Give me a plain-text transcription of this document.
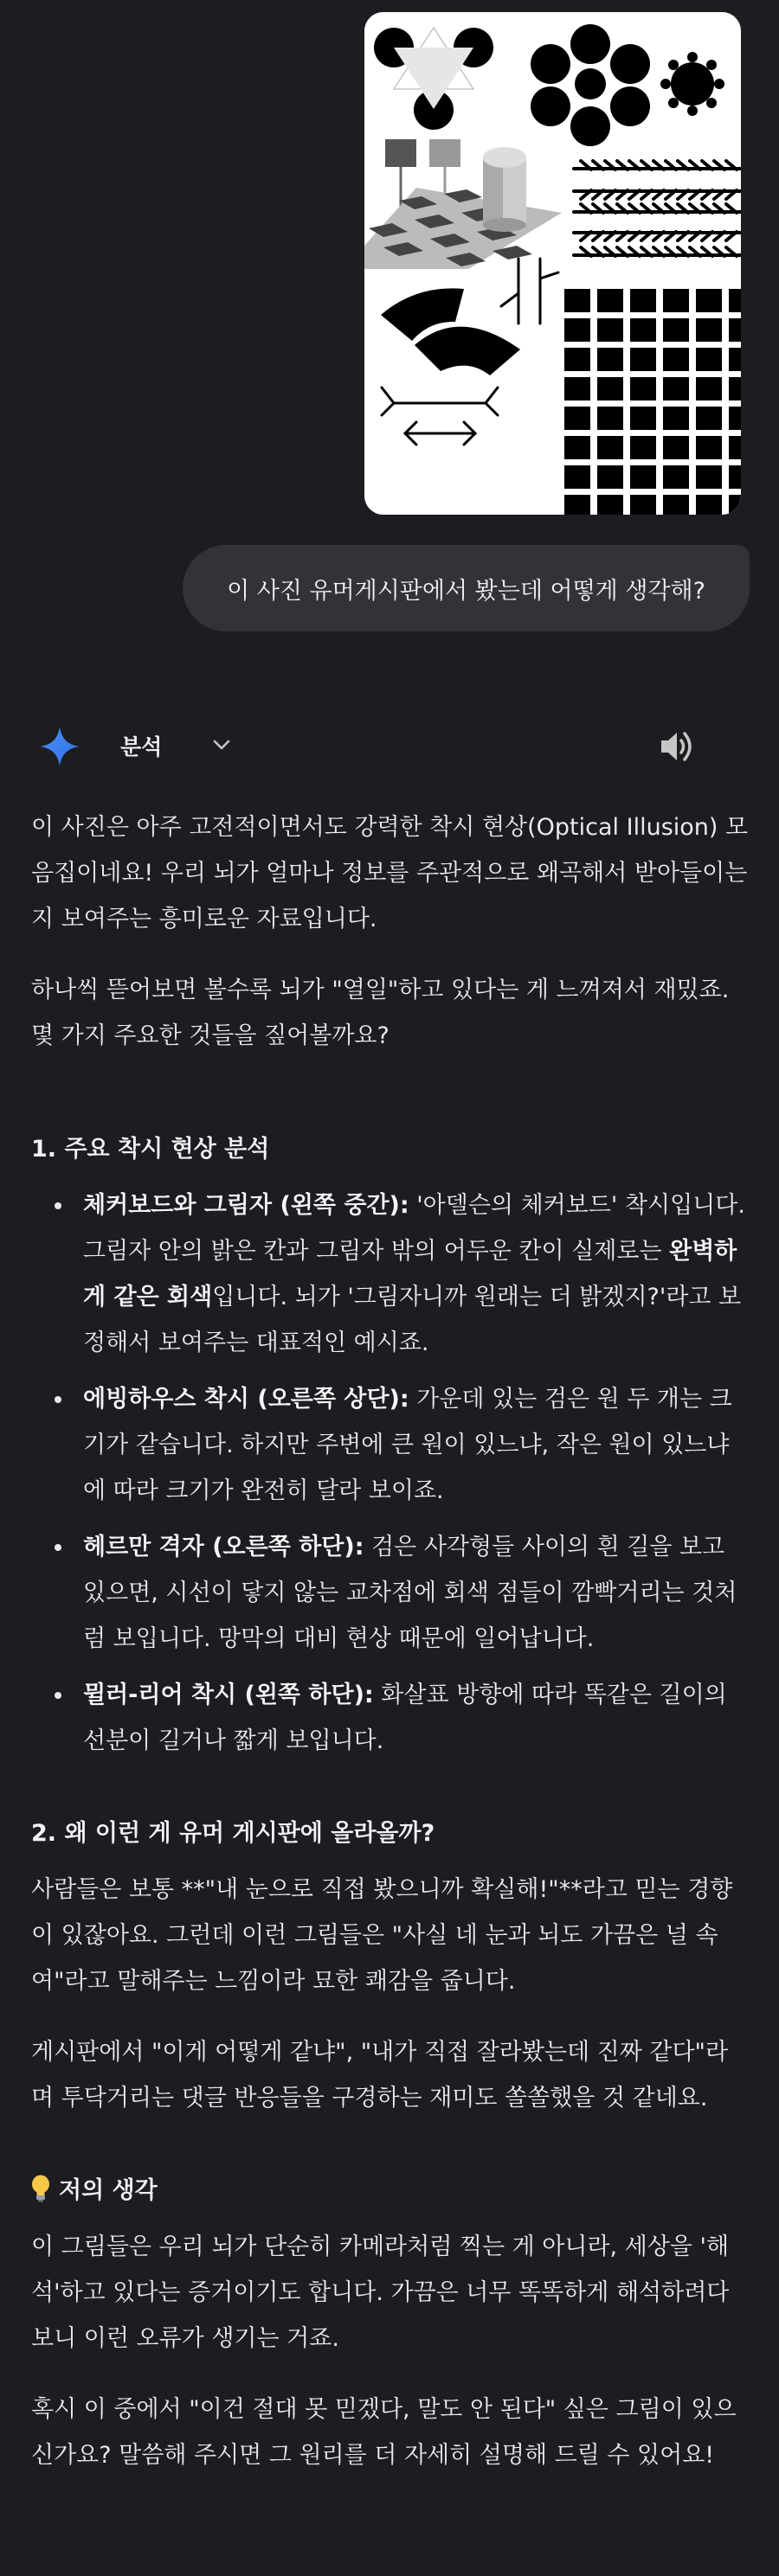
이 사진 유머게시판에서 봤는데 어떻게 생각해?
분석

이 사진은 아주 고전적이면서도 강력한 착시 현상(Optical Illusion) 모음집이네요! 우리 뇌가 얼마나 정보를 주관적으로 왜곡해서 받아들이는지 보여주는 흥미로운 자료입니다.

하나씩 뜯어보면 볼수록 뇌가 "열일"하고 있다는 게 느껴져서 재밌죠. 몇 가지 주요한 것들을 짚어볼까요?

1. 주요 착시 현상 분석
체커보드와 그림자 (왼쪽 중간): '아델슨의 체커보드' 착시입니다. 그림자 안의 밝은 칸과 그림자 밖의 어두운 칸이 실제로는 완벽하게 같은 회색입니다. 뇌가 '그림자니까 원래는 더 밝겠지?'라고 보정해서 보여주는 대표적인 예시죠.
에빙하우스 착시 (오른쪽 상단): 가운데 있는 검은 원 두 개는 크기가 같습니다. 하지만 주변에 큰 원이 있느냐, 작은 원이 있느냐에 따라 크기가 완전히 달라 보이죠.
헤르만 격자 (오른쪽 하단): 검은 사각형들 사이의 흰 길을 보고 있으면, 시선이 닿지 않는 교차점에 회색 점들이 깜빡거리는 것처럼 보입니다. 망막의 대비 현상 때문에 일어납니다.
뮐러-리어 착시 (왼쪽 하단): 화살표 방향에 따라 똑같은 길이의 선분이 길거나 짧게 보입니다.
2. 왜 이런 게 유머 게시판에 올라올까?

사람들은 보통 **"내 눈으로 직접 봤으니까 확실해!"**라고 믿는 경향이 있잖아요. 그런데 이런 그림들은 "사실 네 눈과 뇌도 가끔은 널 속여"라고 말해주는 느낌이라 묘한 쾌감을 줍니다.

게시판에서 "이게 어떻게 같냐", "내가 직접 잘라봤는데 진짜 같다"라며 투닥거리는 댓글 반응들을 구경하는 재미도 쏠쏠했을 것 같네요.

저의 생각

이 그림들은 우리 뇌가 단순히 카메라처럼 찍는 게 아니라, 세상을 '해석'하고 있다는 증거이기도 합니다. 가끔은 너무 똑똑하게 해석하려다 보니 이런 오류가 생기는 거죠.

혹시 이 중에서 "이건 절대 못 믿겠다, 말도 안 된다" 싶은 그림이 있으신가요? 말씀해 주시면 그 원리를 더 자세히 설명해 드릴 수 있어요!
